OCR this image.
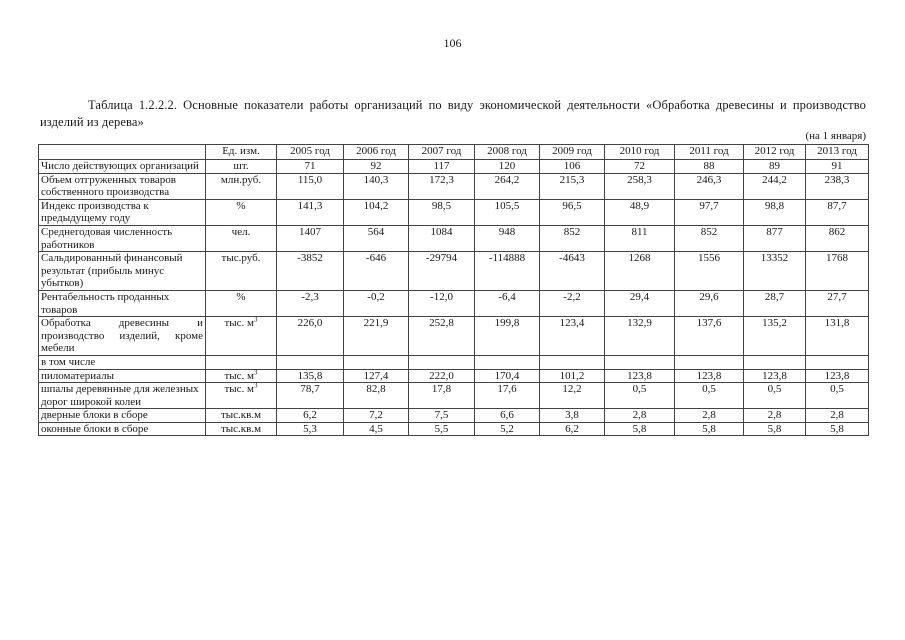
106
Таблица 1.2.2.2. Основные показатели работы организаций по виду экономической деятельности «Обработка древесины и производство изделий из дерева»
(на 1 января)
	Ед. изм.	2005 год	2006 год	2007 год	2008 год	2009 год	2010 год	2011 год	2012 год	2013 год
Число действующих организаций	шт.	71	92	117	120	106	72	88	89	91
Объем отгруженных товаров собственного производства	млн.руб.	115,0	140,3	172,3	264,2	215,3	258,3	246,3	244,2	238,3
Индекс производства к предыдущему году	%	141,3	104,2	98,5	105,5	96,5	48,9	97,7	98,8	87,7
Среднегодовая численность работников	чел.	1407	564	1084	948	852	811	852	877	862
Сальдированный финансовый результат (прибыль минус убытков)	тыс.руб.	-3852	-646	-29794	-114888	-4643	1268	1556	13352	1768
Рентабельность проданных товаров	%	-2,3	-0,2	-12,0	-6,4	-2,2	29,4	29,6	28,7	27,7
Обработка древесины и производство изделий, кроме мебели	тыс. $м^3$	226,0	221,9	252,8	199,8	123,4	132,9	137,6	135,2	131,8
в том числе										
пиломатериалы	тыс. $м^3$	135,8	127,4	222,0	170,4	101,2	123,8	123,8	123,8	123,8
шпалы деревянные для железных дорог широкой колеи	тыс. $м^3$	78,7	82,8	17,8	17,6	12,2	0,5	0,5	0,5	0,5
дверные блоки в сборе	тыс.кв.м	6,2	7,2	7,5	6,6	3,8	2,8	2,8	2,8	2,8
оконные блоки в сборе	тыс.кв.м	5,3	4,5	5,5	5,2	6,2	5,8	5,8	5,8	5,8
